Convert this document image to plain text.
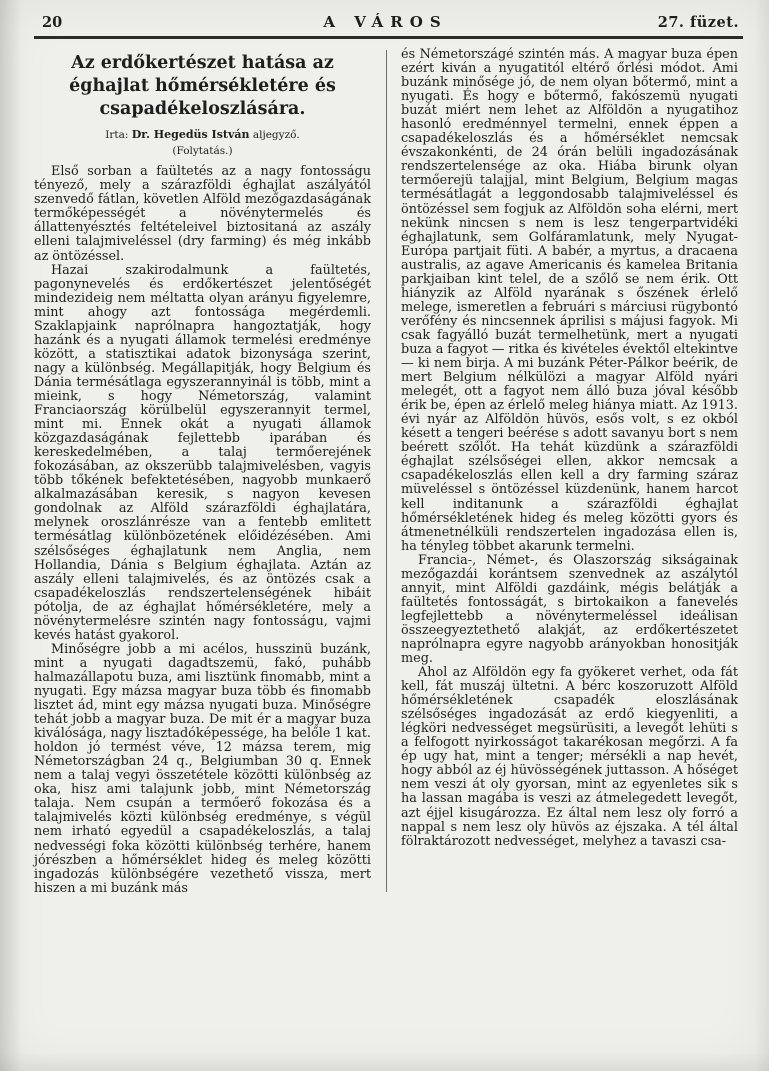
20	A VÁROS	27. füzet.
Az erdőkertészet hatása az éghajlat hőmérsékletére és csapadékeloszlására.
Irta: Dr. Hegedüs István aljegyző.
(Folytatás.)

Első sorban a faültetés az a nagy fontosságu tényező, mely a szárazföldi éghajlat aszályától szenvedő fátlan, követlen Alföld mezőgazdaságának termőképességét a növénytermelés és állattenyésztés feltételeivel biztositaná az aszály elleni talajmiveléssel (dry farming) és még inkább az öntözéssel.

Hazai szakirodalmunk a faültetés, pagonynevelés és erdőkertészet jelentőségét mindezideig nem méltatta olyan arányu figyelemre, mint ahogy azt fontossága megérdemli. Szaklapjaink naprólnapra hangoztatják, hogy hazánk és a nyugati államok termelési eredménye között, a statisztikai adatok bizonysága szerint, nagy a különbség. Megállapitják, hogy Belgium és Dánia termésátlaga egyszerannyinál is több, mint a mieink, s hogy Németország, valamint Franciaország körülbelül egyszerannyit termel, mint mi. Ennek okát a nyugati államok közgazdaságának fejlettebb iparában és kereskedelmében, a talaj termőerejének fokozásában, az okszerübb talajmivelésben, vagyis több tőkének befektetésében, nagyobb munkaerő alkalmazásában keresik, s nagyon kevesen gondolnak az Alföld szárazföldi éghajlatára, melynek oroszlánrésze van a fentebb emlitett termésátlag különbözetének előidézésében. Ami szélsőséges éghajlatunk nem Anglia, nem Hollandia, Dánia s Belgium éghajlata. Aztán az aszály elleni talajmivelés, és az öntözés csak a csapadékeloszlás rendszertelenségének hibáit pótolja, de az éghajlat hőmérsékletére, mely a növénytermelésre szintén nagy fontosságu, vajmi kevés hatást gyakorol.

Minőségre jobb a mi acélos, husszinü buzánk, mint a nyugati dagadtszemü, fakó, puhább halmazállapotu buza, ami lisztünk finomabb, mint a nyugati. Egy mázsa magyar buza több és finomabb lisztet ád, mint egy mázsa nyugati buza. Minőségre tehát jobb a magyar buza. De mit ér a magyar buza kiválósága, nagy lisztadóképessége, ha belőle 1 kat. holdon jó termést véve, 12 mázsa terem, mig Németországban 24 q., Belgiumban 30 q. Ennek nem a talaj vegyi összetétele közötti különbség az oka, hisz ami talajunk jobb, mint Németország talaja. Nem csupán a termőerő fokozása és a talajmivelés közti különbség eredménye, s végül nem irható egyedül a csapadékeloszlás, a talaj nedvességi foka közötti különbség terhére, hanem jórészben a hőmérséklet hideg és meleg közötti ingadozás különbségére vezethető vissza, mert hiszen a mi buzánk más

és Németországé szintén más. A magyar buza épen ezért kiván a nyugatitól eltérő őrlési módot. Ami buzánk minősége jó, de nem olyan bőtermő, mint a nyugati. És hogy e bőtermő, fakószemü nyugati buzát miért nem lehet az Alföldön a nyugatihoz hasonló eredménnyel termelni, ennek éppen a csapadékeloszlás és a hőmérséklet nemcsak évszakonkénti, de 24 órán belüli ingadozásának rendszertelensége az oka. Hiába birunk olyan termőerejü talajjal, mint Belgium, Belgium magas termésátlagát a leggondosabb talajmiveléssel és öntözéssel sem fogjuk az Alföldön soha elérni, mert nekünk nincsen s nem is lesz tengerpartvidéki éghajlatunk, sem Golfáramlatunk, mely Nyugat-Európa partjait füti. A babér, a myrtus, a dracaena australis, az agave Americanis és kamelea Britania parkjaiban kint telel, de a szőlő se nem érik. Ott hiányzik az Alföld nyarának s őszének érlelő melege, ismeretlen a februári s márciusi rügybontó verőfény és nincsennek áprilisi s májusi fagyok. Mi csak fagyálló buzát termelhetünk, mert a nyugati buza a fagyot — ritka és kivételes évektől eltekintve — ki nem birja. A mi buzánk Péter-Pálkor beérik, de mert Belgium nélkülözi a magyar Alföld nyári melegét, ott a fagyot nem álló buza jóval később érik be, épen az érlelő meleg hiánya miatt. Az 1913. évi nyár az Alföldön hüvös, esős volt, s ez okból késett a tengeri beérése s adott savanyu bort s nem beérett szőlőt. Ha tehát küzdünk a szárazföldi éghajlat szélsőségei ellen, akkor nemcsak a csapadékeloszlás ellen kell a dry farming száraz müveléssel s öntözéssel küzdenünk, hanem harcot kell inditanunk a szárazföldi éghajlat hőmérsékletének hideg és meleg közötti gyors és átmenetnélküli rendszertelen ingadozása ellen is, ha tényleg többet akarunk termelni.

Francia-, Német-, és Olaszország sikságainak mezőgazdái korántsem szenvednek az aszálytól annyit, mint Alföldi gazdáink, mégis belátják a faültetés fontosságát, s birtokaikon a fanevelés legfejlettebb a növénytermeléssel ideálisan összeegyeztethető alakját, az erdőkertészetet naprólnapra egyre nagyobb arányokban honositják meg.

Ahol az Alföldön egy fa gyökeret verhet, oda fát kell, fát muszáj ültetni. A bérc koszoruzott Alföld hőmérsékletének csapadék eloszlásának szélsőséges ingadozását az erdő kiegyenliti, a légköri nedvességet megsürüsiti, a levegőt lehüti s a felfogott nyirkosságot takarékosan megőrzi. A fa ép ugy hat, mint a tenger; mérsékli a nap hevét, hogy abból az éj hüvösségének juttasson. A hőséget nem veszi át oly gyorsan, mint az egyenletes sik s ha lassan magába is veszi az átmelegedett levegőt, azt éjjel kisugározza. Ez által nem lesz oly forró a nappal s nem lesz oly hüvös az éjszaka. A tél által fölraktározott nedvességet, melyhez a tavaszi csa-
